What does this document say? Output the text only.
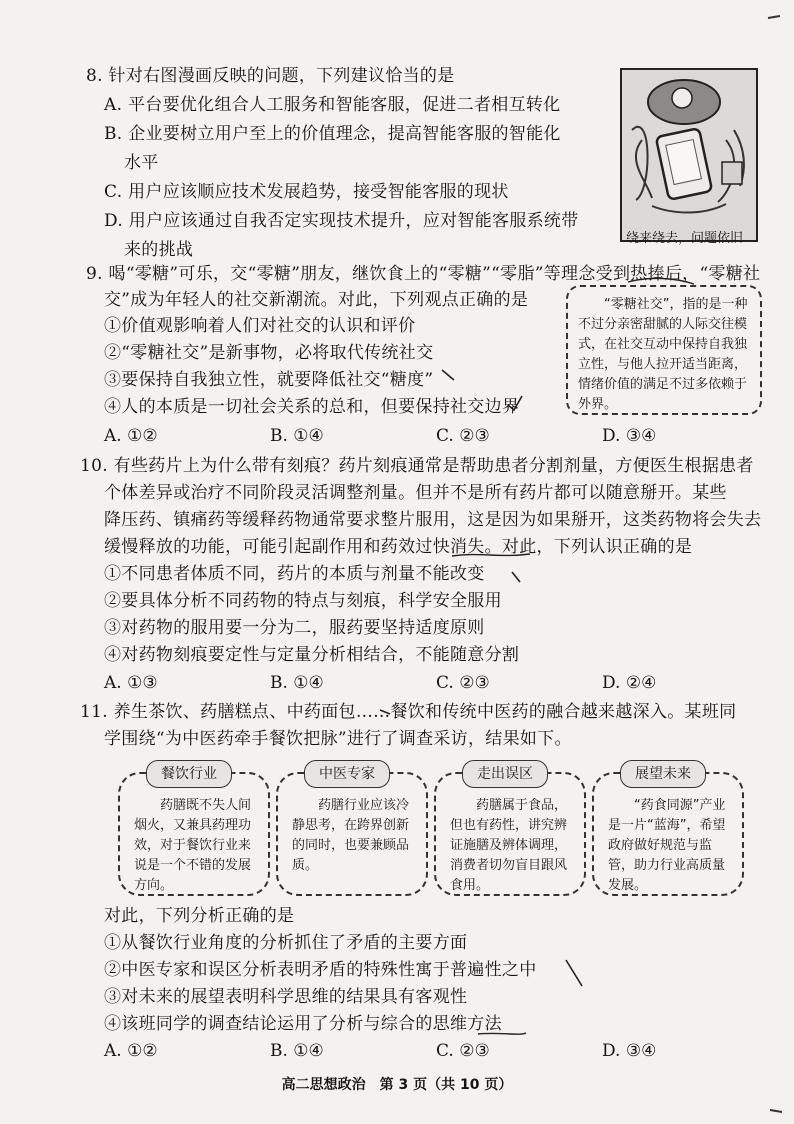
8. 针对右图漫画反映的问题，下列建议恰当的是
A. 平台要优化组合人工服务和智能客服，促进二者相互转化
B. 企业要树立用户至上的价值理念，提高智能客服的智能化
水平
C. 用户应该顺应技术发展趋势，接受智能客服的现状
D. 用户应该通过自我否定实现技术提升，应对智能客服系统带
来的挑战
绕来绕去，问题依旧
9. 喝“零糖”可乐，交“零糖”朋友，继饮食上的“零糖”“零脂”等理念受到热捧后，“零糖社
交”成为年轻人的社交新潮流。对此，下列观点正确的是
①价值观影响着人们对社交的认识和评价
②“零糖社交”是新事物，必将取代传统社交
③要保持自我独立性，就要降低社交“糖度”
④人的本质是一切社会关系的总和，但要保持社交边界
“零糖社交”，指的是一种不过分亲密甜腻的人际交往模式，在社交互动中保持自我独立性，与他人拉开适当距离，情绪价值的满足不过多依赖于外界。
A. ①②	B. ①④	C. ②③	D. ③④
10. 有些药片上为什么带有刻痕？药片刻痕通常是帮助患者分割剂量，方便医生根据患者
个体差异或治疗不同阶段灵活调整剂量。但并不是所有药片都可以随意掰开。某些
降压药、镇痛药等缓释药物通常要求整片服用，这是因为如果掰开，这类药物将会失去
缓慢释放的功能，可能引起副作用和药效过快消失。对此，下列认识正确的是
①不同患者体质不同，药片的本质与剂量不能改变
②要具体分析不同药物的特点与刻痕，科学安全服用
③对药物的服用要一分为二，服药要坚持适度原则
④对药物刻痕要定性与定量分析相结合，不能随意分割
A. ①③	B. ①④	C. ②③	D. ②④
11. 养生茶饮、药膳糕点、中药面包……餐饮和传统中医药的融合越来越深入。某班同
学围绕“为中医药牵手餐饮把脉”进行了调查采访，结果如下。
药膳既不失人间烟火，又兼具药理功效，对于餐饮行业来说是一个不错的发展方向。
药膳行业应该冷静思考，在跨界创新的同时，也要兼顾品质。
药膳属于食品，但也有药性，讲究辨证施膳及辨体调理，消费者切勿盲目跟风食用。
“药食同源”产业是一片“蓝海”，希望政府做好规范与监管，助力行业高质量发展。
餐饮行业	中医专家	走出误区	展望未来
对此，下列分析正确的是
①从餐饮行业角度的分析抓住了矛盾的主要方面
②中医专家和误区分析表明矛盾的特殊性寓于普遍性之中
③对未来的展望表明科学思维的结果具有客观性
④该班同学的调查结论运用了分析与综合的思维方法
A. ①②	B. ①④	C. ②③	D. ③④
高二思想政治　第 3 页（共 10 页）
